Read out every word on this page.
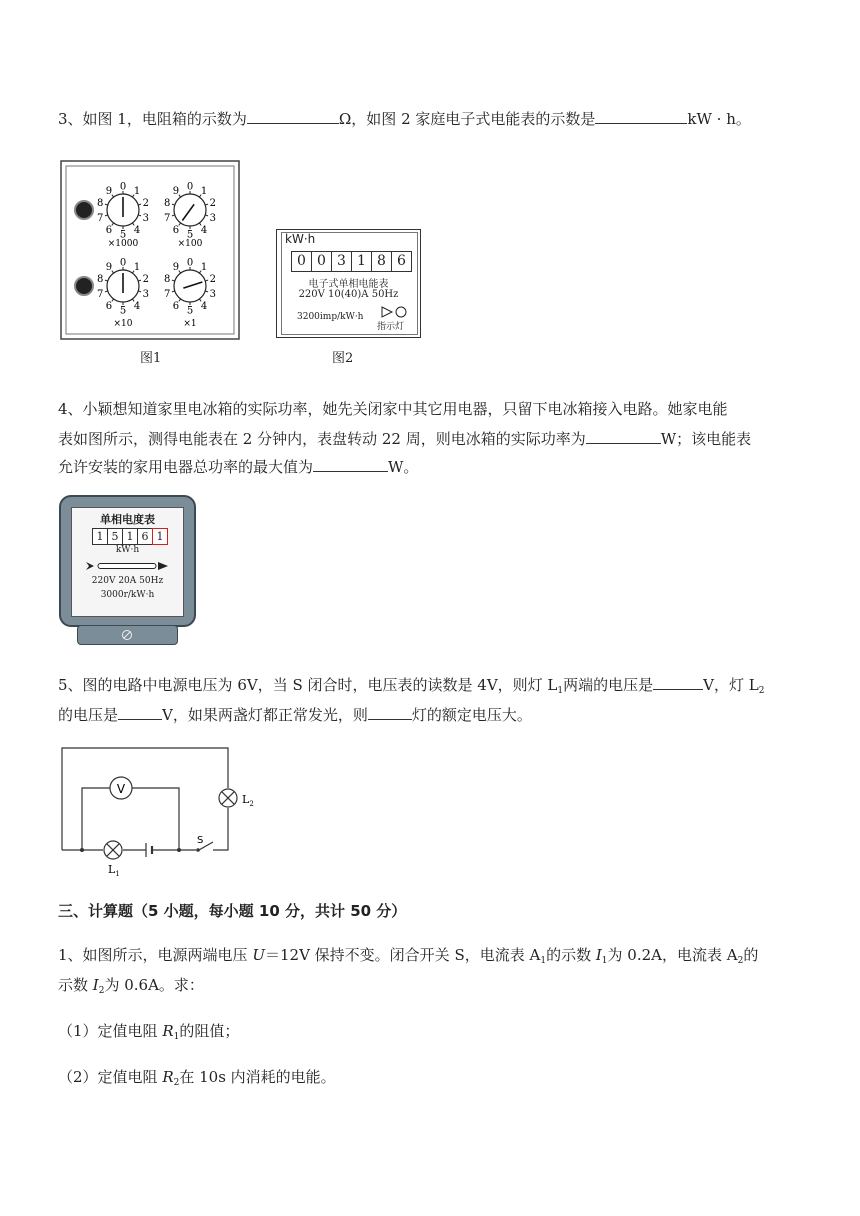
3、如图 1，电阻箱的示数为	Ω，如图 2 家庭电子式电能表的示数是	kW · h。
0 1
2
3
4
5
6
7
8
9
×1000
0 1
2
3
4
5
6
7
8
9
×100
0 1
2
3
4
5
6
7
8
9
×10
0 1
2
3
4
5
6
7
8
9
×1
图1
kW·h
0 0 3 1 8 6
电子式单相电能表
220V 10(40)A 50Hz
3200imp/kW·h
指示灯
图2
4、小颖想知道家里电冰箱的实际功率，她先关闭家中其它用电器，只留下电冰箱接入电路。她家电能
表如图所示，测得电能表在 2 分钟内，表盘转动 22 周，则电冰箱的实际功率为	W；该电能表
允许安装的家用电器总功率的最大值为	W。
单相电度表
1 5 1 6 1
kW·h
220V 20A 50Hz
3000r/kW·h
5、图的电路中电源电压为 6V，当 S 闭合时，电压表的读数是 4V，则灯 $L_1$两端的电压是	V，灯 $L_2$
的电压是	V，如果两盏灯都正常发光，则	灯的额定电压大。
V
S
$L_1$
$L_2$
三、计算题（5 小题，每小题 10 分，共计 50 分）
1、如图所示，电源两端电压 U＝12V 保持不变。闭合开关 S，电流表 $A_1$的示数 $I_1$为 0.2A，电流表 $A_2$的
示数 $I_2$为 0.6A。求：
（1）定值电阻 $R_1$的阻值；
（2）定值电阻 $R_2$在 10s 内消耗的电能。
